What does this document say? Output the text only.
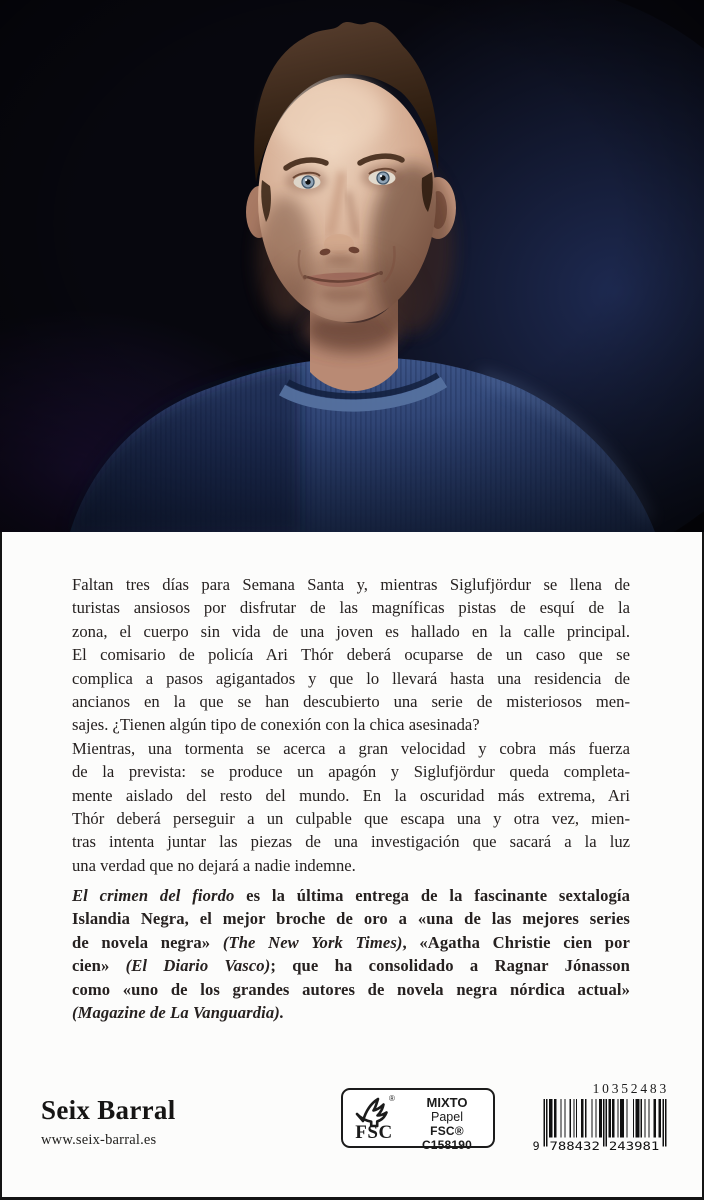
Faltan tres días para Semana Santa y, mientras Siglufjördur se llena de
turistas ansiosos por disfrutar de las magníficas pistas de esquí de la
zona, el cuerpo sin vida de una joven es hallado en la calle principal.
El comisario de policía Ari Thór deberá ocuparse de un caso que se
complica a pasos agigantados y que lo llevará hasta una residencia de
ancianos en la que se han descubierto una serie de misteriosos men-
sajes. ¿Tienen algún tipo de conexión con la chica asesinada?
Mientras, una tormenta se acerca a gran velocidad y cobra más fuerza
de la prevista: se produce un apagón y Siglufjördur queda completa-
mente aislado del resto del mundo. En la oscuridad más extrema, Ari
Thór deberá perseguir a un culpable que escapa una y otra vez, mien-
tras intenta juntar las piezas de una investigación que sacará a la luz
una verdad que no dejará a nadie indemne.
El crimen del fiordo es la última entrega de la fascinante sextalogía
Islandia Negra, el mejor broche de oro a «una de las mejores series
de novela negra» (The New York Times), «Agatha Christie cien por
cien» (El Diario Vasco); que ha consolidado a Ragnar Jónasson
como «uno de los grandes autores de novela negra nórdica actual»
(Magazine de La Vanguardia).
Seix Barral
www.seix-barral.es
®
FSC
MIXTO
Papel
FSC® C158190
10352483
9 788432 243981
